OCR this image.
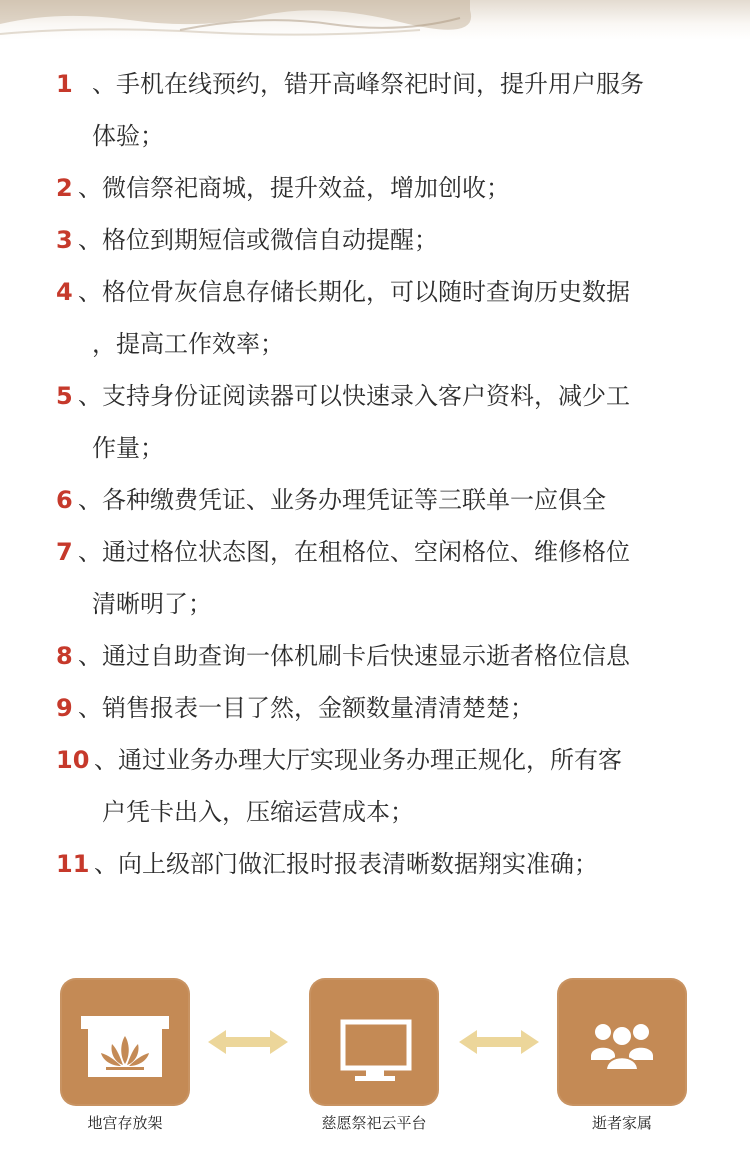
1 、手机在线预约，错开高峰祭祀时间，提升用户服务
体验；
2 、微信祭祀商城，提升效益，增加创收；
3 、格位到期短信或微信自动提醒；
4 、格位骨灰信息存储长期化，可以随时查询历史数据
，提高工作效率；
5 、支持身份证阅读器可以快速录入客户资料，减少工
作量；
6 、各种缴费凭证、业务办理凭证等三联单一应俱全
7 、通过格位状态图，在租格位、空闲格位、维修格位
清晰明了；
8 、通过自助查询一体机刷卡后快速显示逝者格位信息
9 、销售报表一目了然，金额数量清清楚楚；
10 、通过业务办理大厅实现业务办理正规化，所有客
户凭卡出入，压缩运营成本；
11 、向上级部门做汇报时报表清晰数据翔实准确；
地宫存放架	慈愿祭祀云平台	逝者家属
